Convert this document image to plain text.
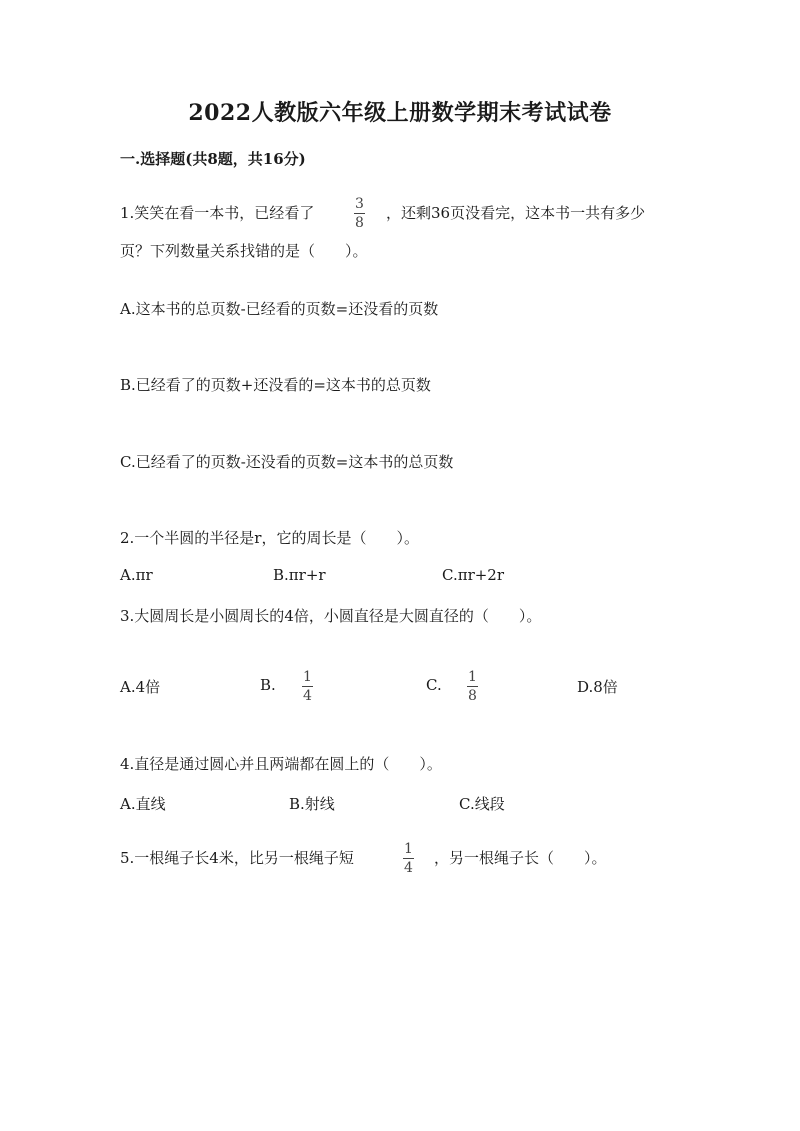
2022人教版六年级上册数学期末考试试卷
一.选择题(共8题，共16分)
1.笑笑在看一本书，已经看了	3
8
，还剩36页没看完，这本书一共有多少
页？下列数量关系找错的是（　　）。
A.这本书的总页数-已经看的页数=还没看的页数
B.已经看了的页数+还没看的=这本书的总页数
C.已经看了的页数-还没看的页数=这本书的总页数
2.一个半圆的半径是r，它的周长是（　　）。
A.πr	B.πr+r	C.πr+2r
3.大圆周长是小圆周长的4倍，小圆直径是大圆直径的（　　）。
A.4倍	B. 1
4
C. 1
8	D.8倍
4.直径是通过圆心并且两端都在圆上的（　　）。
A.直线	B.射线	C.线段
5.一根绳子长4米，比另一根绳子短	1
4
，另一根绳子长（　　）。
